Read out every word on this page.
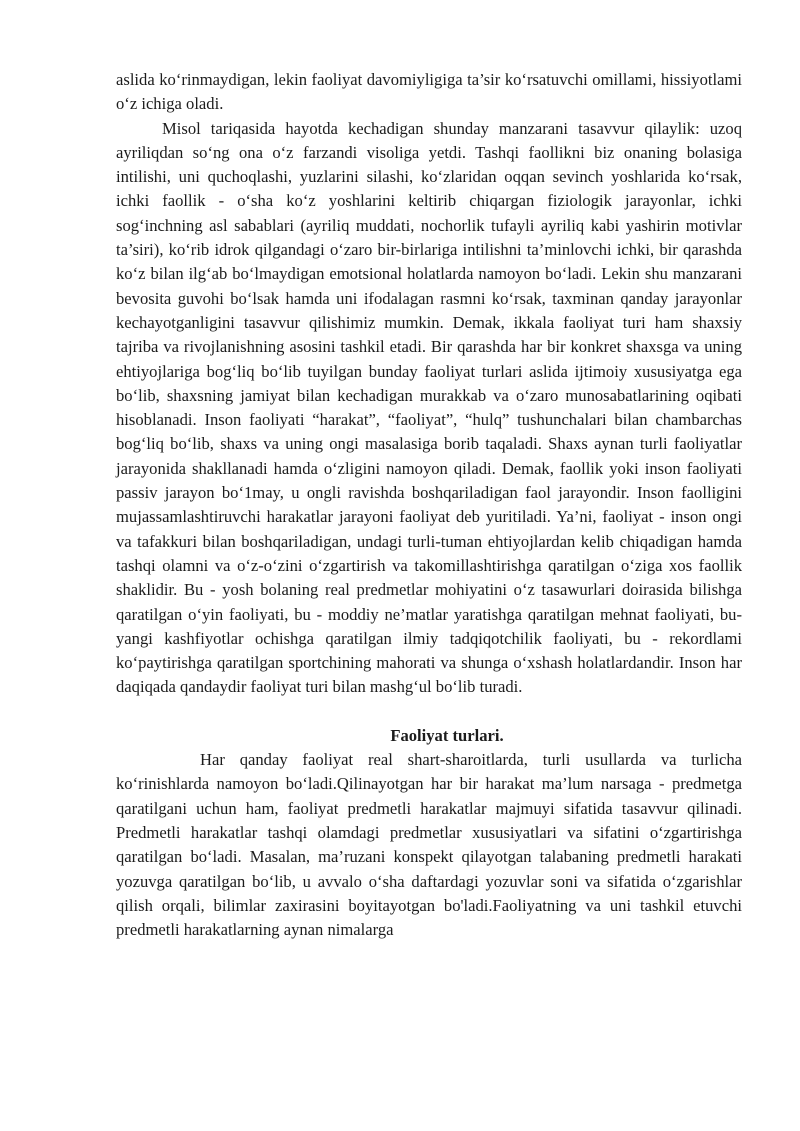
aslida ko‘rinmaydigan, lekin faoliyat davomiyligiga ta’sir ko‘rsatuvchi omillami, hissiyotlami o‘z ichiga oladi.

Misol tariqasida hayotda kechadigan shunday manzarani tasavvur qilaylik: uzoq ayriliqdan so‘ng ona o‘z farzandi visoliga yetdi. Tashqi faollikni biz onaning bolasiga intilishi, uni quchoqlashi, yuzlarini silashi, ko‘zlaridan oqqan sevinch yoshlarida ko‘rsak, ichki faollik - o‘sha ko‘z yoshlarini keltirib chiqargan fiziologik jarayonlar, ichki sog‘inchning asl sabablari (ayriliq muddati, nochorlik tufayli ayriliq kabi yashirin motivlar ta’siri), ko‘rib idrok qilgandagi o‘zaro bir-birlariga intilishni ta’minlovchi ichki, bir qarashda ko‘z bilan ilg‘ab bo‘lmaydigan emotsional holatlarda namoyon bo‘ladi. Lekin shu manzarani bevosita guvohi bo‘lsak hamda uni ifodalagan rasmni ko‘rsak, taxminan qanday jarayonlar kechayotganligini tasavvur qilishimiz mumkin. Demak, ikkala faoliyat turi ham shaxsiy tajriba va rivojlanishning asosini tashkil etadi. Bir qarashda har bir konkret shaxsga va uning ehtiyojlariga bog‘liq bo‘lib tuyilgan bunday faoliyat turlari aslida ijtimoiy xususiyatga ega bo‘lib, shaxsning jamiyat bilan kechadigan murakkab va o‘zaro munosabatlarining oqibati hisoblanadi. Inson faoliyati “harakat”, “faoliyat”, “hulq” tushunchalari bilan chambarchas bog‘liq bo‘lib, shaxs va uning ongi masalasiga borib taqaladi. Shaxs aynan turli faoliyatlar jarayonida shakllanadi hamda o‘zligini namoyon qiladi. Demak, faollik yoki inson faoliyati passiv jarayon bo‘1may, u ongli ravishda boshqariladigan faol jarayondir. Inson faolligini mujassamlashtiruvchi harakatlar jarayoni faoliyat deb yuritiladi. Ya’ni, faoliyat - inson ongi va tafakkuri bilan boshqariladigan, undagi turli-tuman ehtiyojlardan kelib chiqadigan hamda tashqi olamni va o‘z-o‘zini o‘zgartirish va takomillashtirishga qaratilgan o‘ziga xos faollik shaklidir. Bu - yosh bolaning real predmetlar mohiyatini o‘z tasawurlari doirasida bilishga qaratilgan o‘yin faoliyati, bu - moddiy ne’matlar yaratishga qaratilgan mehnat faoliyati, bu-yangi kashfiyotlar ochishga qaratilgan ilmiy tadqiqotchilik faoliyati, bu - rekordlami ko‘paytirishga qaratilgan sportchining mahorati va shunga o‘xshash holatlardandir. Inson har daqiqada qandaydir faoliyat turi bilan mashg‘ul bo‘lib turadi.

Faoliyat turlari.

Har qanday faoliyat real shart-sharoitlarda, turli usullarda va turlicha ko‘rinishlarda namoyon bo‘ladi.Qilinayotgan har bir harakat ma’lum narsaga - predmetga qaratilgani uchun ham, faoliyat predmetli harakatlar majmuyi sifatida tasavvur qilinadi. Predmetli harakatlar tashqi olamdagi predmetlar xususiyatlari va sifatini o‘zgartirishga qaratilgan bo‘ladi. Masalan, ma’ruzani konspekt qilayotgan talabaning predmetli harakati yozuvga qaratilgan bo‘lib, u avvalo o‘sha daftardagi yozuvlar soni va sifatida o‘zgarishlar qilish orqali, bilimlar zaxirasini boyitayotgan bo'ladi.Faoliyatning va uni tashkil etuvchi predmetli harakatlarning aynan nimalarga
